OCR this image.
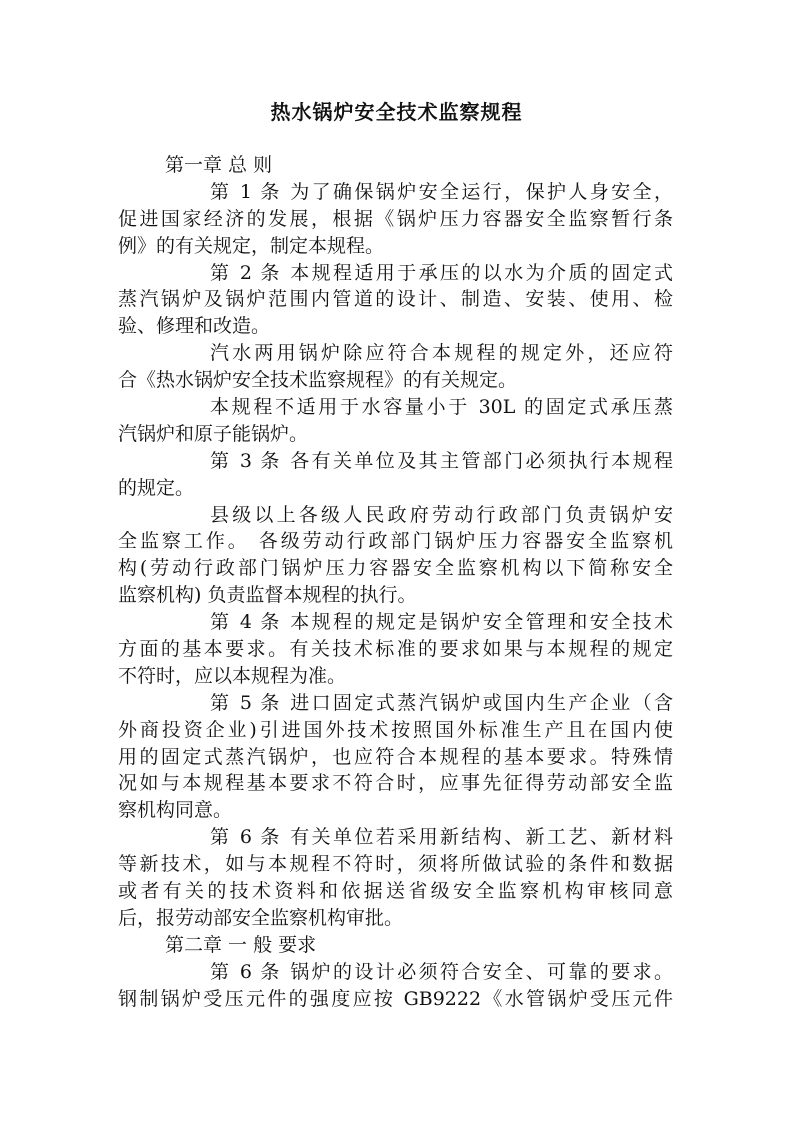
热水锅炉安全技术监察规程
第一章 总 则
第 1 条 为了确保锅炉安全运行，保护人身安全，
促进国家经济的发展，根据《锅炉压力容器安全监察暂行条
例》的有关规定，制定本规程。
第 2 条 本规程适用于承压的以水为介质的固定式
蒸汽锅炉及锅炉范围内管道的设计、制造、安装、使用、检
验、修理和改造。
汽水两用锅炉除应符合本规程的规定外，还应符
合《热水锅炉安全技术监察规程》的有关规定。
本规程不适用于水容量小于 30L 的固定式承压蒸
汽锅炉和原子能锅炉。
第 3 条 各有关单位及其主管部门必须执行本规程
的规定。
县级以上各级人民政府劳动行政部门负责锅炉安
全监察工作。 各级劳动行政部门锅炉压力容器安全监察机
构(劳动行政部门锅炉压力容器安全监察机构以下简称安全
监察机构) 负责监督本规程的执行。
第 4 条 本规程的规定是锅炉安全管理和安全技术
方面的基本要求。有关技术标准的要求如果与本规程的规定
不符时，应以本规程为准。
第 5 条 进口固定式蒸汽锅炉或国内生产企业（含
外商投资企业)引进国外技术按照国外标准生产且在国内使
用的固定式蒸汽锅炉，也应符合本规程的基本要求。特殊情
况如与本规程基本要求不符合时，应事先征得劳动部安全监
察机构同意。
第 6 条 有关单位若采用新结构、新工艺、新材料
等新技术，如与本规程不符时，须将所做试验的条件和数据
或者有关的技术资料和依据送省级安全监察机构审核同意
后，报劳动部安全监察机构审批。
第二章 一 般 要求
第 6 条 锅炉的设计必须符合安全、可靠的要求。
钢制锅炉受压元件的强度应按 GB9222《水管锅炉受压元件
